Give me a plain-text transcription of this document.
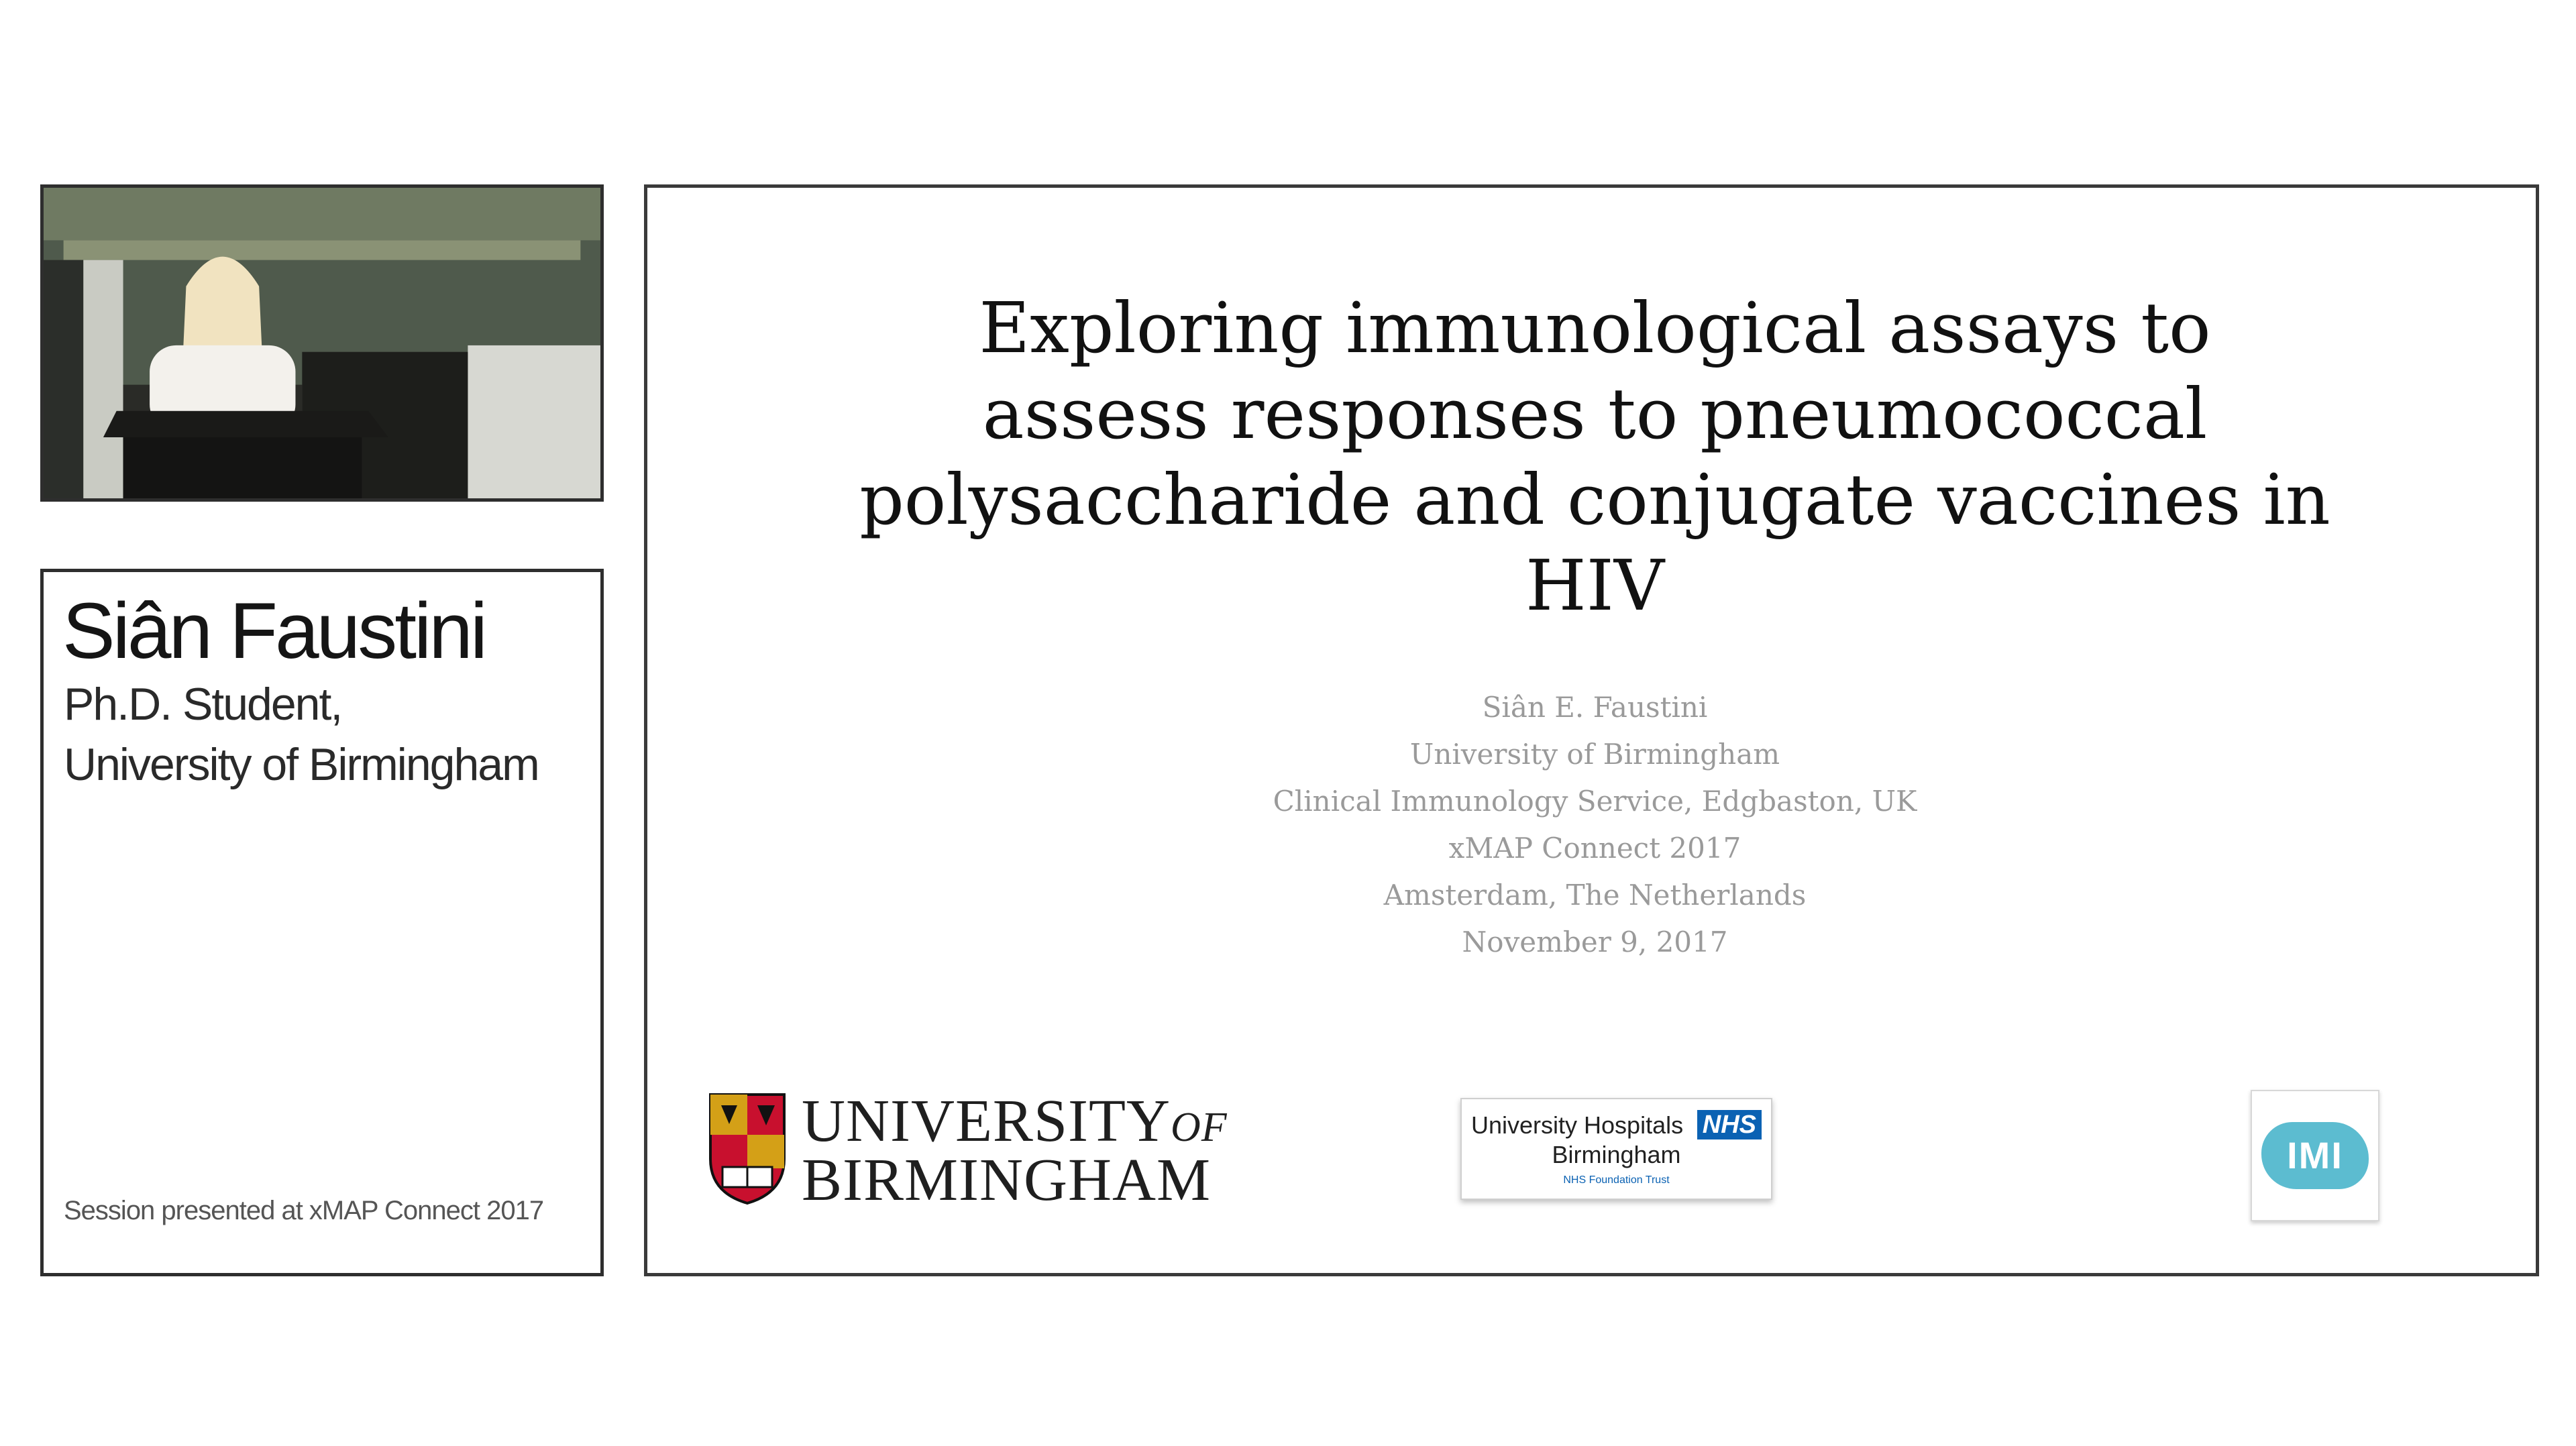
Siân Faustini
Ph.D. Student,
University of Birmingham
Session presented at xMAP Connect 2017
Exploring immunological assays to
assess responses to pneumococcal
polysaccharide and conjugate vaccines in
HIV
Siân E. Faustini
University of Birmingham
Clinical Immunology Service, Edgbaston, UK
xMAP Connect 2017
Amsterdam, The Netherlands
November 9, 2017
UNIVERSITYOF
BIRMINGHAM
University Hospitals NHS
Birmingham
NHS Foundation Trust
IMI
